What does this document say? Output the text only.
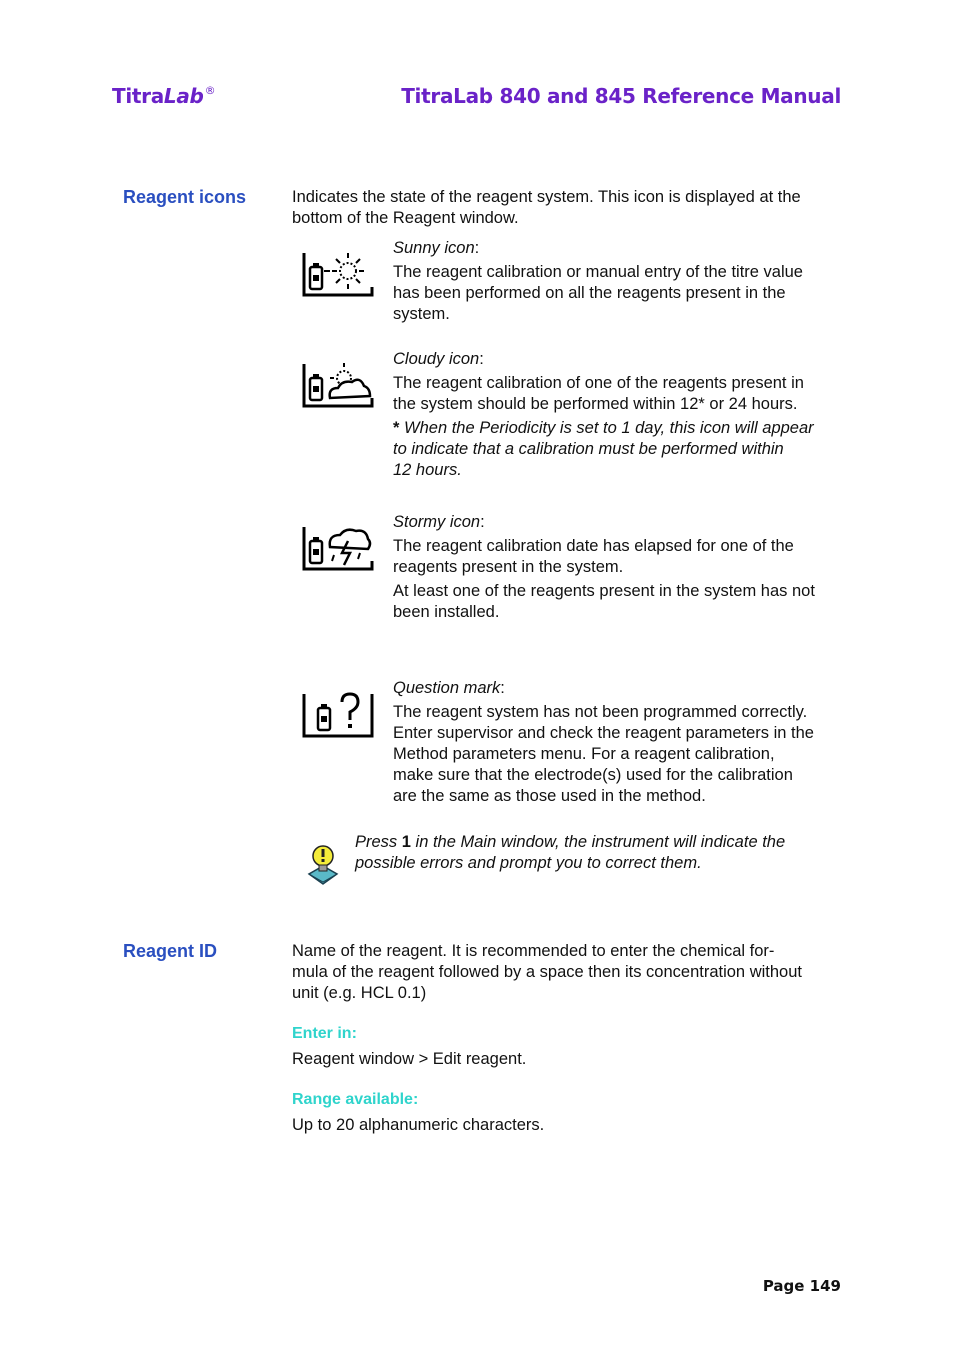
TitraLab®	TitraLab 840 and 845 Reference Manual
Reagent icons	Indicates the state of the reagent system. This icon is displayed at the bottom of the Reagent window.
Sunny icon:
The reagent calibration or manual entry of the titre value
has been performed on all the reagents present in the
system.
Cloudy icon:
The reagent calibration of one of the reagents present in
the system should be performed within 12* or 24 hours.
* When the Periodicity is set to 1 day, this icon will appear
to indicate that a calibration must be performed within
12 hours.
Stormy icon:
The reagent calibration date has elapsed for one of the
reagents present in the system.
At least one of the reagents present in the system has not
been installed.
Question mark:
The reagent system has not been programmed correctly.
Enter supervisor and check the reagent parameters in the
Method parameters menu. For a reagent calibration,
make sure that the electrode(s) used for the calibration
are the same as those used in the method.
Press 1 in the Main window, the instrument will indicate the
possible errors and prompt you to correct them.
Reagent ID	Name of the reagent. It is recommended to enter the chemical for-
mula of the reagent followed by a space then its concentration without
unit (e.g. HCL 0.1)
Enter in:
Reagent window > Edit reagent.
Range available:
Up to 20 alphanumeric characters.
Page 149
